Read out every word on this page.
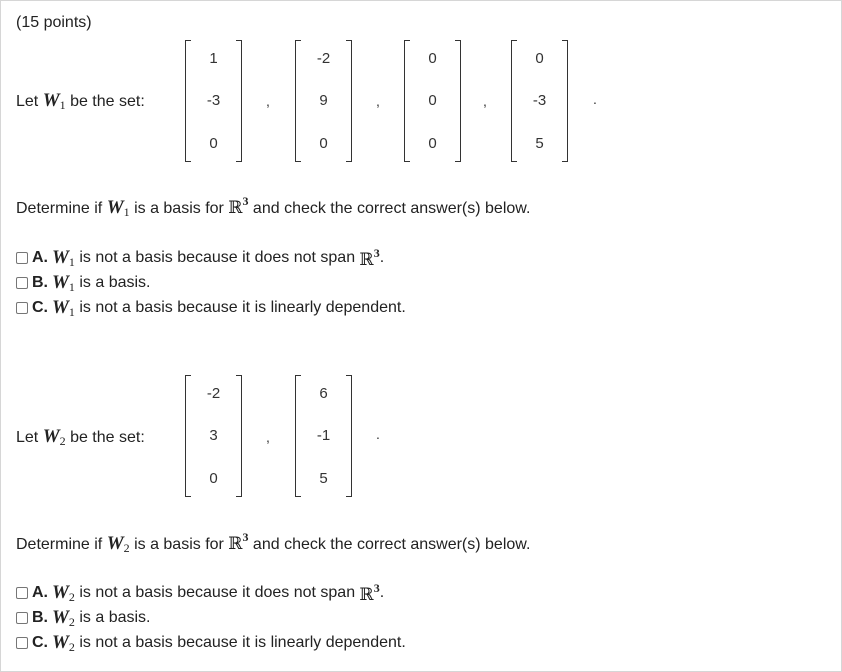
(15 points)
Let $W_1$ be the set:
1
-3
0
,
-2
9
0
,
0
0
0
,
0
-3
5
.
Determine if $W_1$ is a basis for ℝ$^3$ and check the correct answer(s) below.
A. $W_1$
is not a basis because it does not span
ℝ$^3$ .
B. $W_1$
is a basis.
C. $W_1$
is not a basis because it is linearly dependent.
Let $W_2$ be the set:
-2
3
0
,
6
-1
5
.
Determine if $W_2$ is a basis for ℝ$^3$ and check the correct answer(s) below.
A. $W_2$
is not a basis because it does not span
ℝ$^3$ .
B. $W_2$
is a basis.
C. $W_2$
is not a basis because it is linearly dependent.
